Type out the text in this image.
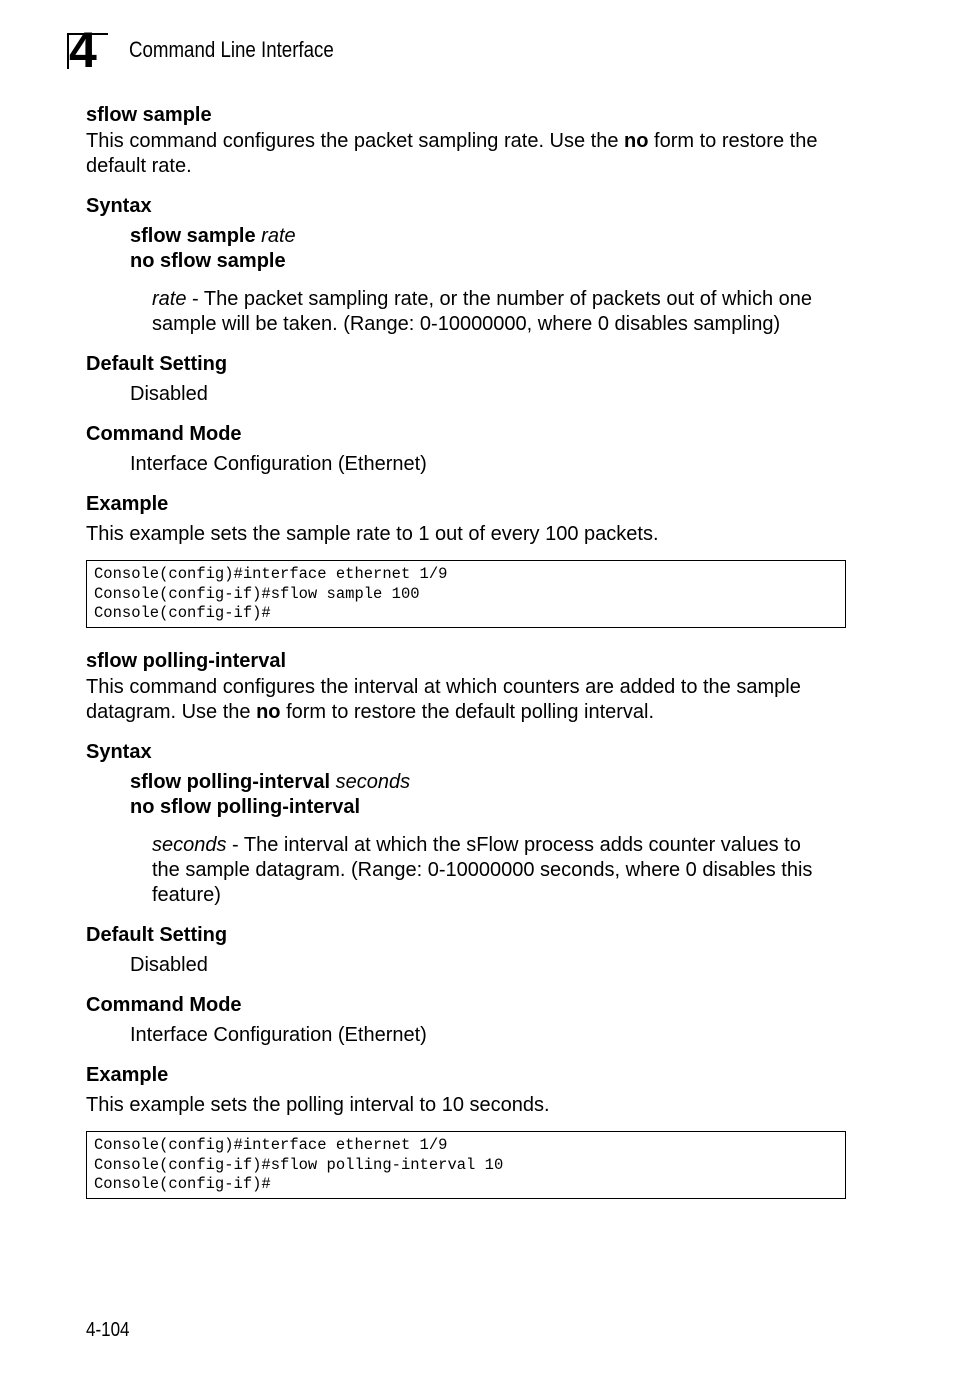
4 Command Line Interface
sflow sample
This command configures the packet sampling rate. Use the no form to restore the
default rate.
Syntax
sflow sample rate
no sflow sample
rate - The packet sampling rate, or the number of packets out of which one
sample will be taken. (Range: 0-10000000, where 0 disables sampling)
Default Setting
Disabled
Command Mode
Interface Configuration (Ethernet)
Example
This example sets the sample rate to 1 out of every 100 packets.
Console(config)#interface ethernet 1/9
Console(config-if)#sflow sample 100
Console(config-if)#
sflow polling-interval
This command configures the interval at which counters are added to the sample
datagram. Use the no form to restore the default polling interval.
Syntax
sflow polling-interval seconds
no sflow polling-interval
seconds - The interval at which the sFlow process adds counter values to
the sample datagram. (Range: 0-10000000 seconds, where 0 disables this
feature)
Default Setting
Disabled
Command Mode
Interface Configuration (Ethernet)
Example
This example sets the polling interval to 10 seconds.
Console(config)#interface ethernet 1/9
Console(config-if)#sflow polling-interval 10
Console(config-if)#
4-104
